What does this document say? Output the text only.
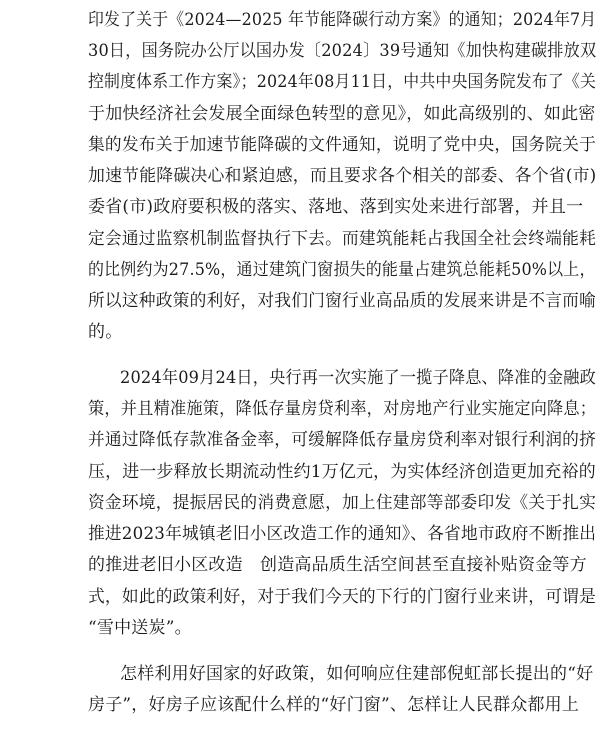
印发了关于《2024—2025 年节能降碳行动方案》的通知；2024年7月
30日，国务院办公厅以国办发〔2024〕39号通知《加快构建碳排放双
控制度体系工作方案》；2024年08月11日，中共中央国务院发布了《关
于加快经济社会发展全面绿色转型的意见》，如此高级别的、如此密
集的发布关于加速节能降碳的文件通知，说明了党中央，国务院关于
加速节能降碳决心和紧迫感，而且要求各个相关的部委、各个省(市)
委省(市)政府要积极的落实、落地、落到实处来进行部署，并且一
定会通过监察机制监督执行下去。而建筑能耗占我国全社会终端能耗
的比例约为27.5%，通过建筑门窗损失的能量占建筑总能耗50%以上，
所以这种政策的利好，对我们门窗行业高品质的发展来讲是不言而喻
的。
2024年09月24日，央行再一次实施了一揽子降息、降准的金融政
策，并且精准施策，降低存量房贷利率，对房地产行业实施定向降息；
并通过降低存款准备金率，可缓解降低存量房贷利率对银行利润的挤
压，进一步释放长期流动性约1万亿元，为实体经济创造更加充裕的
资金环境，提振居民的消费意愿，加上住建部等部委印发《关于扎实
推进2023年城镇老旧小区改造工作的通知》、各省地市政府不断推出
的推进老旧小区改造　创造高品质生活空间甚至直接补贴资金等方
式，如此的政策利好，对于我们今天的下行的门窗行业来讲，可谓是
“雪中送炭”。
怎样利用好国家的好政策，如何响应住建部倪虹部长提出的“好
房子”，好房子应该配什么样的“好门窗”、怎样让人民群众都用上
